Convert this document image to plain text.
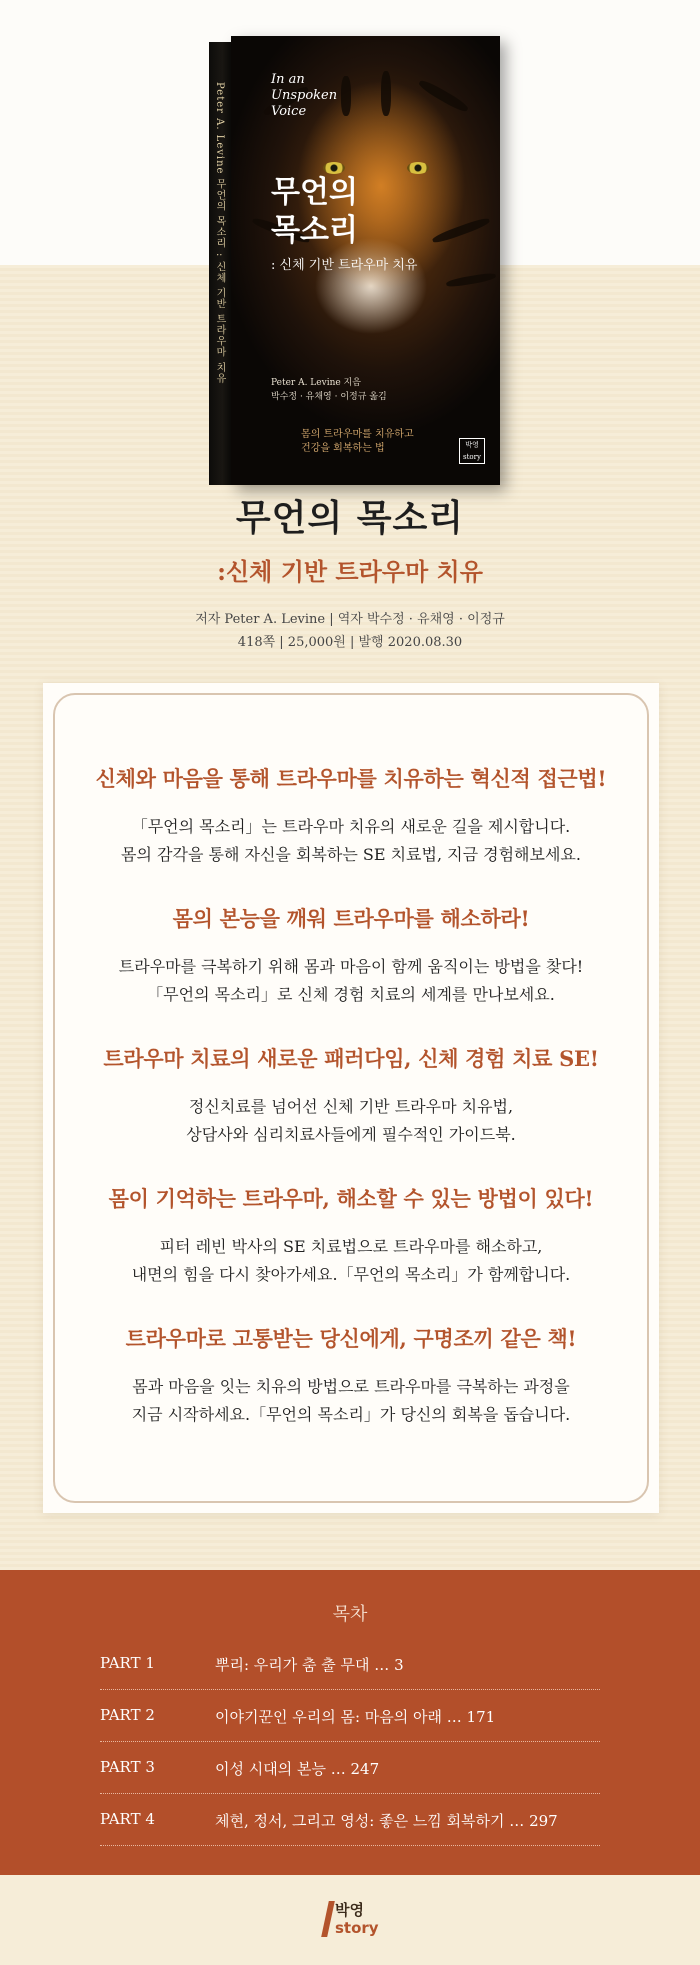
Peter A. Levine 무언의 목소리 : 신체 기반 트라우마 치유
In an Unspoken Voice
무언의
목소리
: 신체 기반 트라우마 치유
Peter A. Levine 지음
박수정 · 유채영 · 이정규 옮김
몸의 트라우마를 치유하고
건강을 회복하는 법	박영 story
무언의 목소리
:신체 기반 트라우마 치유
저자 Peter A. Levine | 역자 박수정 · 유채영 · 이정규
418쪽 | 25,000원 | 발행 2020.08.30
신체와 마음을 통해 트라우마를 치유하는 혁신적 접근법!

「무언의 목소리」는 트라우마 치유의 새로운 길을 제시합니다.

몸의 감각을 통해 자신을 회복하는 SE 치료법, 지금 경험해보세요.

몸의 본능을 깨워 트라우마를 해소하라!

트라우마를 극복하기 위해 몸과 마음이 함께 움직이는 방법을 찾다!

「무언의 목소리」로 신체 경험 치료의 세계를 만나보세요.

트라우마 치료의 새로운 패러다임, 신체 경험 치료 SE!

정신치료를 넘어선 신체 기반 트라우마 치유법,

상담사와 심리치료사들에게 필수적인 가이드북.

몸이 기억하는 트라우마, 해소할 수 있는 방법이 있다!

피터 레빈 박사의 SE 치료법으로 트라우마를 해소하고,

내면의 힘을 다시 찾아가세요.「무언의 목소리」가 함께합니다.

트라우마로 고통받는 당신에게, 구명조끼 같은 책!

몸과 마음을 잇는 치유의 방법으로 트라우마를 극복하는 과정을

지금 시작하세요.「무언의 목소리」가 당신의 회복을 돕습니다.

목차
PART 1	뿌리: 우리가 춤 출 무대 … 3
PART 2	이야기꾼인 우리의 몸: 마음의 아래 … 171
PART 3	이성 시대의 본능 … 247
PART 4	체현, 정서, 그리고 영성: 좋은 느낌 회복하기 … 297
박영
story
